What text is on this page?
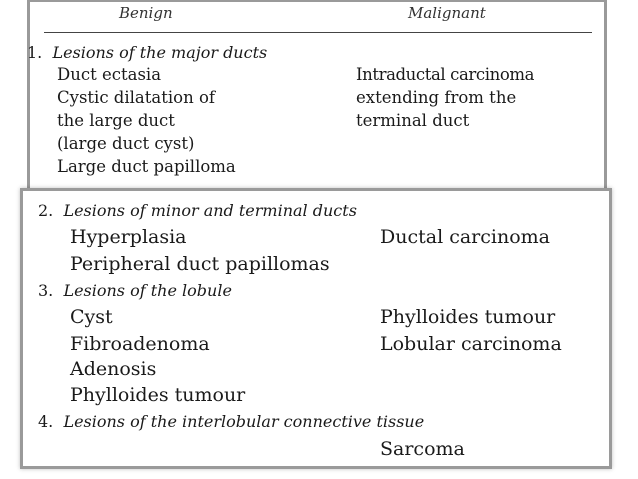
Benign	Malignant
1. Lesions of the major ducts
Duct ectasia
Cystic dilatation of
the large duct
(large duct cyst)
Large duct papilloma
Intraductal carcinoma
extending from the
terminal duct
2. Lesions of minor and terminal ducts
Hyperplasia
Peripheral duct papillomas
Ductal carcinoma
3. Lesions of the lobule
Cyst
Fibroadenoma
Adenosis
Phylloides tumour
Phylloides tumour
Lobular carcinoma
4. Lesions of the interlobular connective tissue
Sarcoma
